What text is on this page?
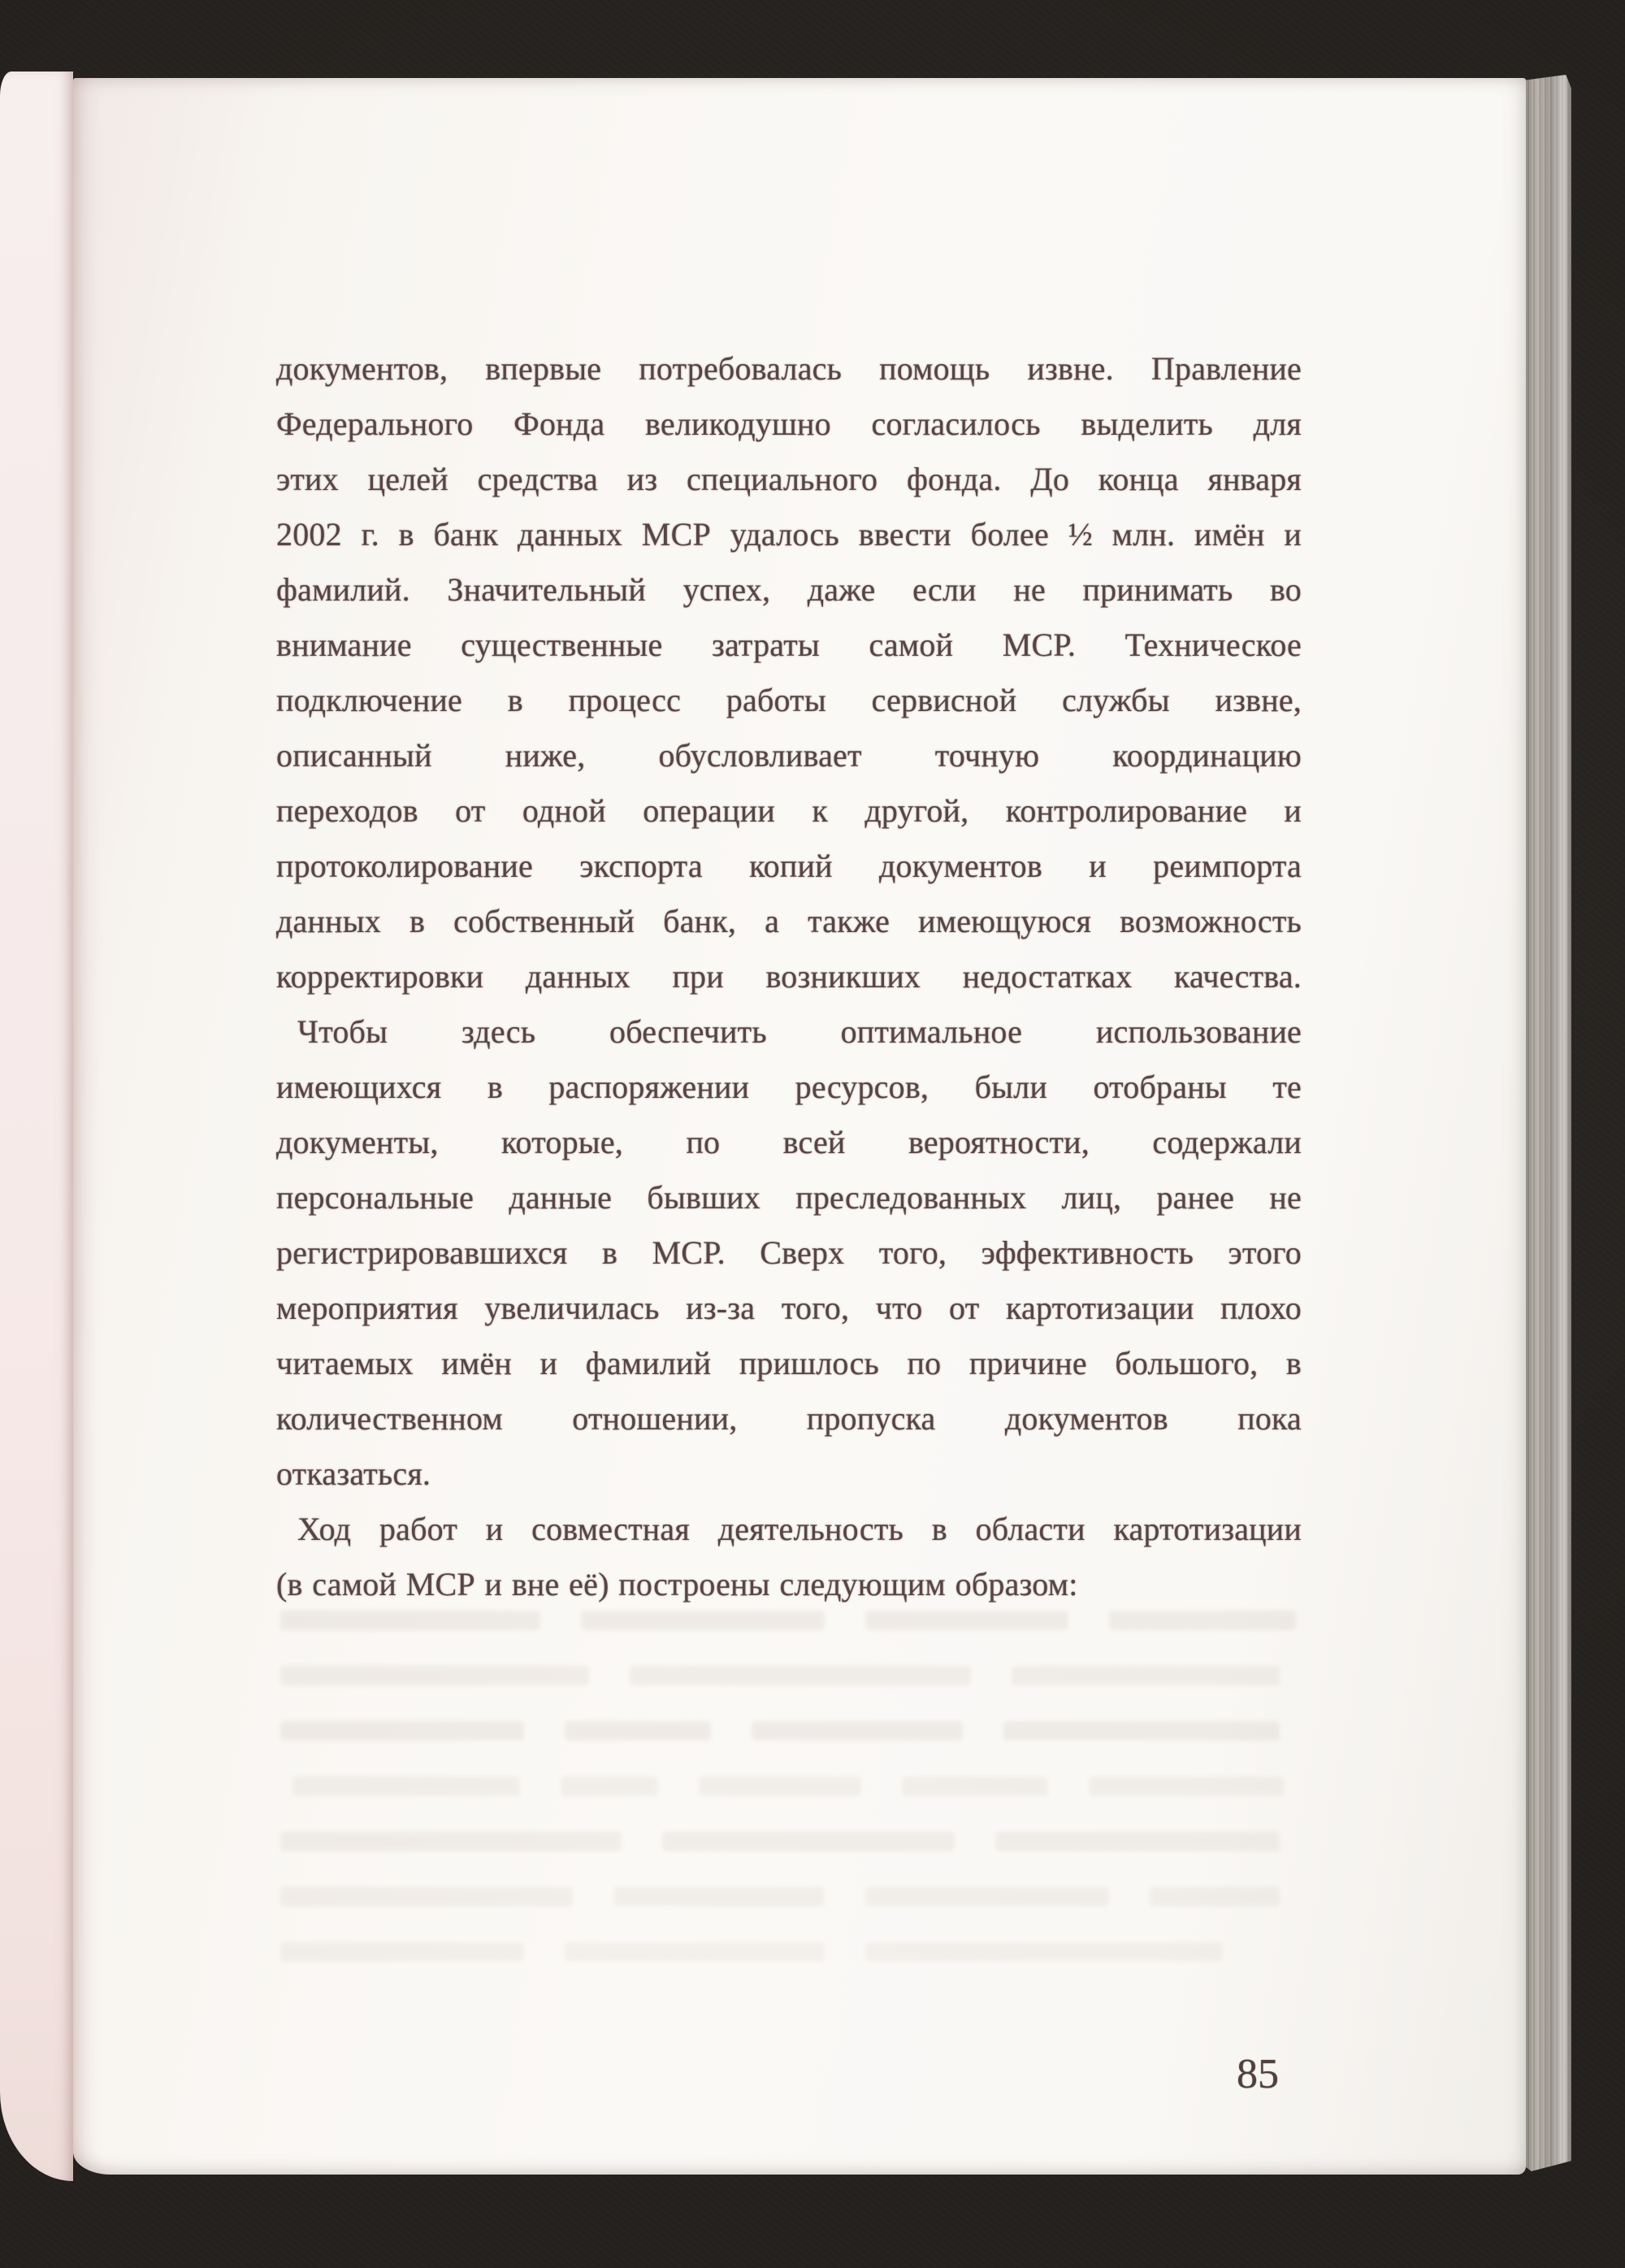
документов, впервые потребовалась помощь извне. Правление
Федерального Фонда великодушно согласилось выделить для
этих целей средства из специального фонда. До конца января
2002 г. в банк данных МСР удалось ввести более ½ млн. имён и
фамилий. Значительный успех, даже если не принимать во
внимание существенные затраты самой МСР. Техническое
подключение в процесс работы сервисной службы извне,
описанный ниже, обусловливает точную координацию
переходов от одной операции к другой, контролирование и
протоколирование экспорта копий документов и реимпорта
данных в собственный банк, а также имеющуюся возможность
корректировки данных при возникших недостатках качества.
Чтобы здесь обеспечить оптимальное использование
имеющихся в распоряжении ресурсов, были отобраны те
документы, которые, по всей вероятности, содержали
персональные данные бывших преследованных лиц, ранее не
регистрировавшихся в МСР. Сверх того, эффективность этого
мероприятия увеличилась из-за того, что от картотизации плохо
читаемых имён и фамилий пришлось по причине большого, в
количественном отношении, пропуска документов пока
отказаться.
Ход работ и совместная деятельность в области картотизации
(в самой МСР и вне её) построены следующим образом:
85
